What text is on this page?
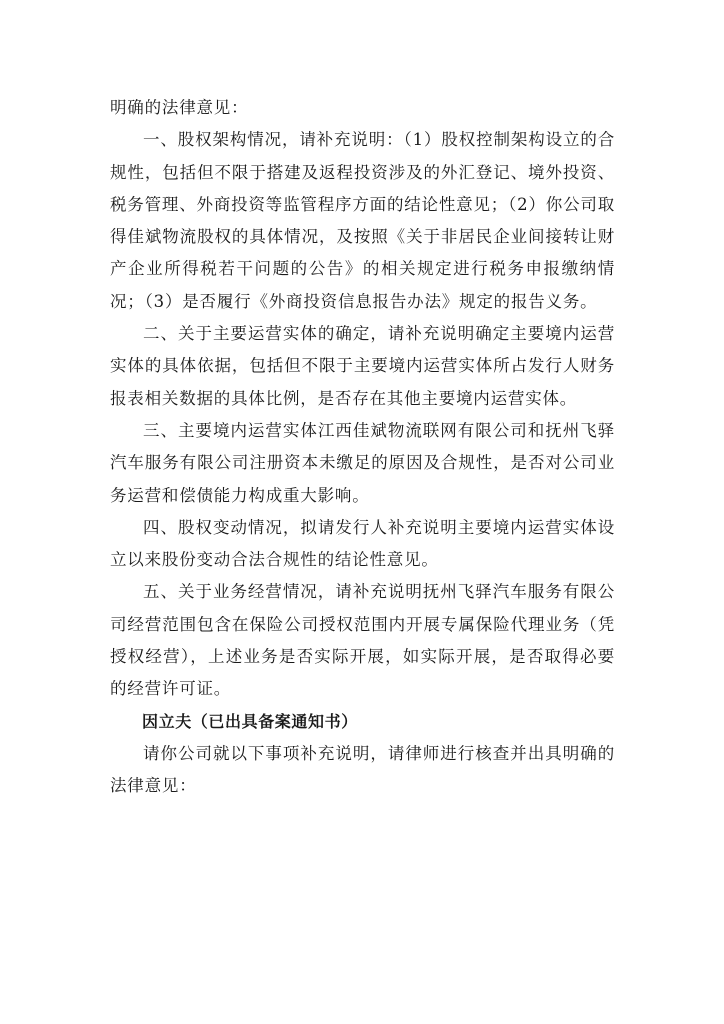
明确的法律意见：

一、股权架构情况，请补充说明：（1）股权控制架构设立的合规性，包括但不限于搭建及返程投资涉及的外汇登记、境外投资、税务管理、外商投资等监管程序方面的结论性意见；（2）你公司取得佳斌物流股权的具体情况，及按照《关于非居民企业间接转让财产企业所得税若干问题的公告》的相关规定进行税务申报缴纳情况；（3）是否履行《外商投资信息报告办法》规定的报告义务。

二、关于主要运营实体的确定，请补充说明确定主要境内运营实体的具体依据，包括但不限于主要境内运营实体所占发行人财务报表相关数据的具体比例，是否存在其他主要境内运营实体。

三、主要境内运营实体江西佳斌物流联网有限公司和抚州飞驿汽车服务有限公司注册资本未缴足的原因及合规性，是否对公司业务运营和偿债能力构成重大影响。

四、股权变动情况，拟请发行人补充说明主要境内运营实体设立以来股份变动合法合规性的结论性意见。

五、关于业务经营情况，请补充说明抚州飞驿汽车服务有限公司经营范围包含在保险公司授权范围内开展专属保险代理业务（凭授权经营），上述业务是否实际开展，如实际开展，是否取得必要的经营许可证。

因立夫（已出具备案通知书）

请你公司就以下事项补充说明，请律师进行核查并出具明确的法律意见：
